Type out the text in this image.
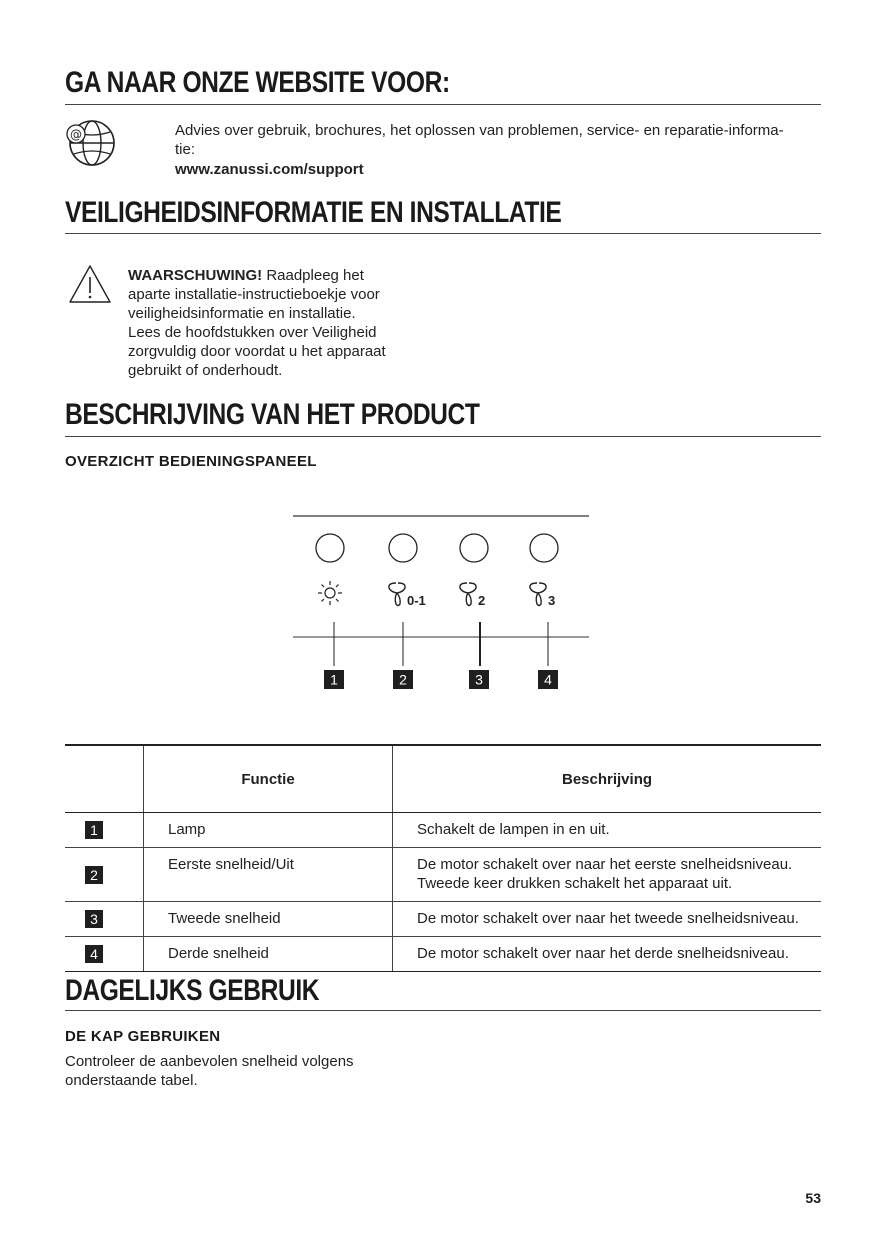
GA NAAR ONZE WEBSITE VOOR:
@	Advies over gebruik, brochures, het oplossen van problemen, service- en reparatie-informa-
tie:
www.zanussi.com/support
VEILIGHEIDSINFORMATIE EN INSTALLATIE
WAARSCHUWING! Raadpleeg het
aparte installatie-instructieboekje voor
veiligheidsinformatie en installatie.
Lees de hoofdstukken over Veiligheid
zorgvuldig door voordat u het apparaat
gebruikt of onderhoudt.
BESCHRIJVING VAN HET PRODUCT
OVERZICHT BEDIENINGSPANEEL
0-1	2	3
1	2	3	4
	Functie	Beschrijving
1	Lamp	Schakelt de lampen in en uit.

2	Eerste snelheid/Uit	De motor schakelt over naar het eerste snelheidsniveau.
Tweede keer drukken schakelt het apparaat uit.

3	Tweede snelheid	De motor schakelt over naar het tweede snelheidsniveau.

4	Derde snelheid	De motor schakelt over naar het derde snelheidsniveau.
DAGELIJKS GEBRUIK
DE KAP GEBRUIKEN
Controleer de aanbevolen snelheid volgens
onderstaande tabel.
53
